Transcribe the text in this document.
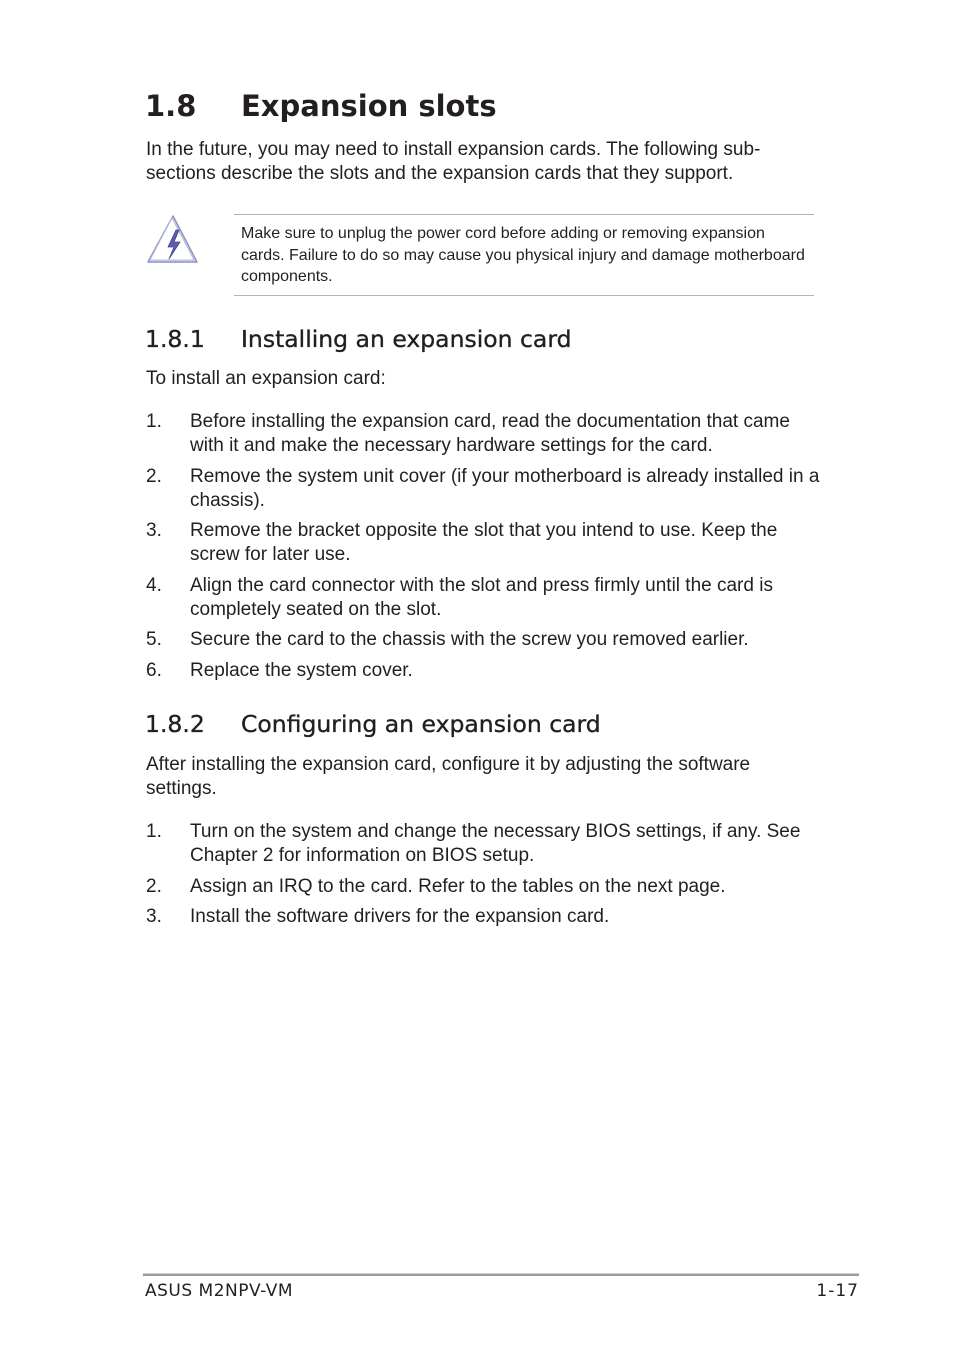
1.8 Expansion slots

In the future, you may need to install expansion cards. The following sub-sections describe the slots and the expansion cards that they support.

Make sure to unplug the power cord before adding or removing expansion cards. Failure to do so may cause you physical injury and damage motherboard components.

1.8.1 Installing an expansion card

To install an expansion card:

1. Before installing the expansion card, read the documentation that came with it and make the necessary hardware settings for the card.
2. Remove the system unit cover (if your motherboard is already installed in a chassis).
3. Remove the bracket opposite the slot that you intend to use. Keep the screw for later use.
4. Align the card connector with the slot and press firmly until the card is completely seated on the slot.
5. Secure the card to the chassis with the screw you removed earlier.
6. Replace the system cover.
1.8.2 Configuring an expansion card

After installing the expansion card, configure it by adjusting the software settings.

1. Turn on the system and change the necessary BIOS settings, if any. See Chapter 2 for information on BIOS setup.
2. Assign an IRQ to the card. Refer to the tables on the next page.
3. Install the software drivers for the expansion card.
ASUS M2NPV-VM	1-17
